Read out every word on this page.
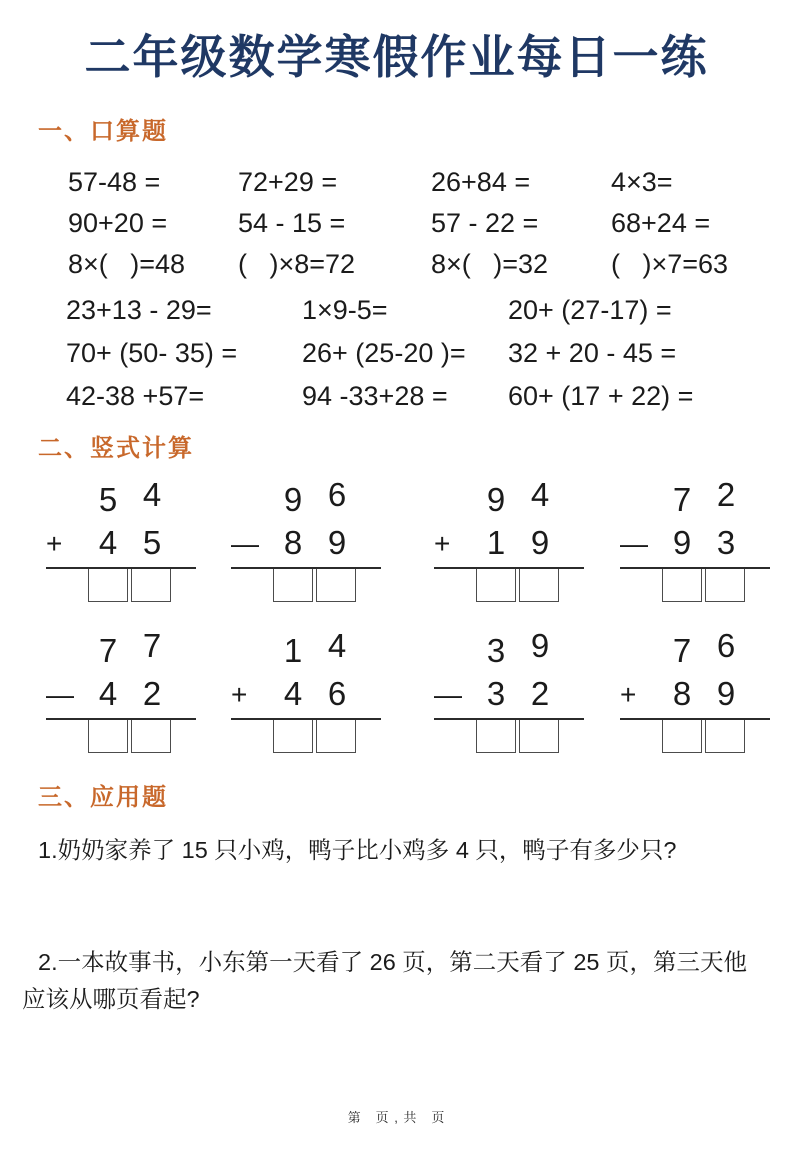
二年级数学寒假作业每日一练
一、口算题
57-48 =	72+29 =	26+84 =	4×3=
90+20 =	54 - 15 =	57 - 22 =	68+24 =
8×(   )=48	(   )×8=72	8×(   )=32	(   )×7=63
23+13 - 29=	1×9-5=	20+ (27-17) =
70+ (50- 35) =	26+ (25-20 )=	32 + 20 - 45 =
42-38 +57=	94 -33+28 =	60+ (17 + 22) =
二、竖式计算
5 4
+	4 5
9 6
— 8 9
9 4
+	1 9
7 2
— 9 3
7 7
— 4 2
1 4
+	4 6
3 9
— 3 2
7 6
+	8 9
三、应用题

1.奶奶家养了 15 只小鸡，鸭子比小鸡多 4 只，鸭子有多少只?

2.一本故事书，小东第一天看了 26 页，第二天看了 25 页，第三天他

应该从哪页看起?

第　页 , 共　页
